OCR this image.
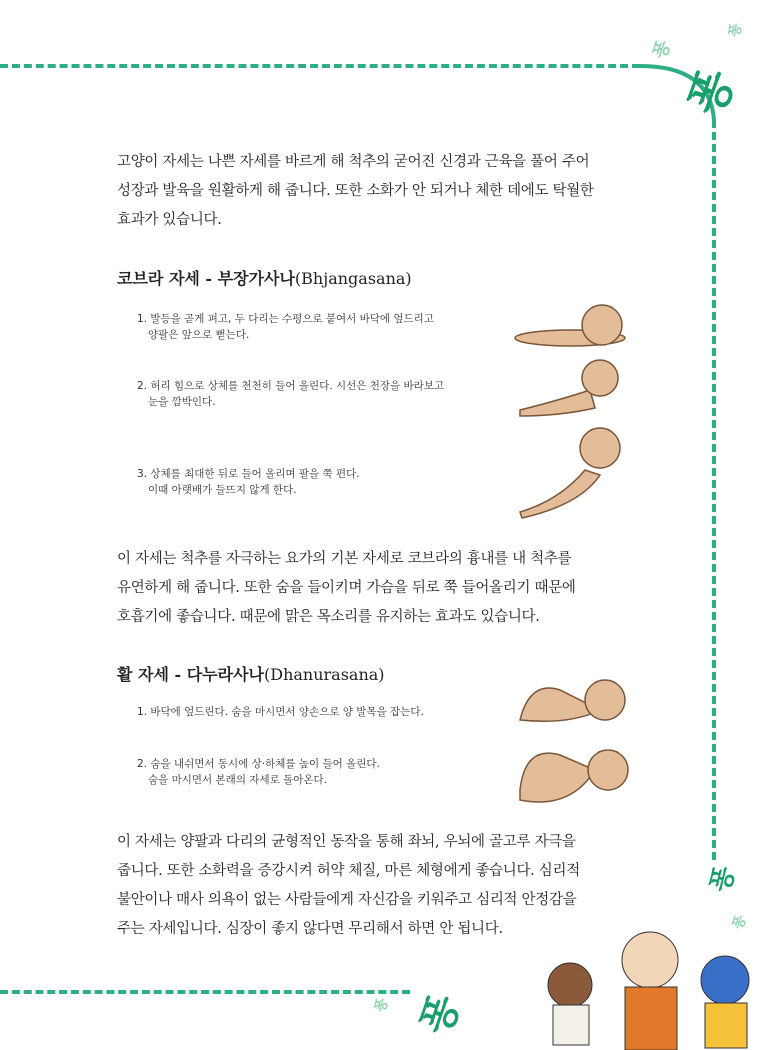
퐁
퐁
퐁
퐁
퐁
퐁
퐁
고양이 자세는 나쁜 자세를 바르게 해 척추의 굳어진 신경과 근육을 풀어 주어
성장과 발육을 원활하게 해 줍니다. 또한 소화가 안 되거나 체한 데에도 탁월한
효과가 있습니다.
코브라 자세 - 부장가사나(Bhjangasana)
1. 발등을 곧게 펴고, 두 다리는 수평으로 붙여서 바닥에 엎드리고
양팔은 앞으로 뻗는다.
2. 허리 힘으로 상체를 천천히 들어 올린다. 시선은 천장을 바라보고
눈을 깜박인다.
3. 상체를 최대한 뒤로 들어 올리며 팔을 쭉 편다.
이때 아랫배가 들뜨지 않게 한다.
이 자세는 척추를 자극하는 요가의 기본 자세로 코브라의 흉내를 내 척추를
유연하게 해 줍니다. 또한 숨을 들이키며 가슴을 뒤로 쭉 들어올리기 때문에
호흡기에 좋습니다. 때문에 맑은 목소리를 유지하는 효과도 있습니다.
활 자세 - 다누라사나(Dhanurasana)
1. 바닥에 엎드린다. 숨을 마시면서 양손으로 양 발목을 잡는다.
2. 숨을 내쉬면서 동시에 상·하체를 높이 들어 올린다.
숨을 마시면서 본래의 자세로 돌아온다.
이 자세는 양팔과 다리의 균형적인 동작을 통해 좌뇌, 우뇌에 골고루 자극을
줍니다. 또한 소화력을 증강시켜 허약 체질, 마른 체형에게 좋습니다. 심리적
불안이나 매사 의욕이 없는 사람들에게 자신감을 키워주고 심리적 안정감을
주는 자세입니다. 심장이 좋지 않다면 무리해서 하면 안 됩니다.
